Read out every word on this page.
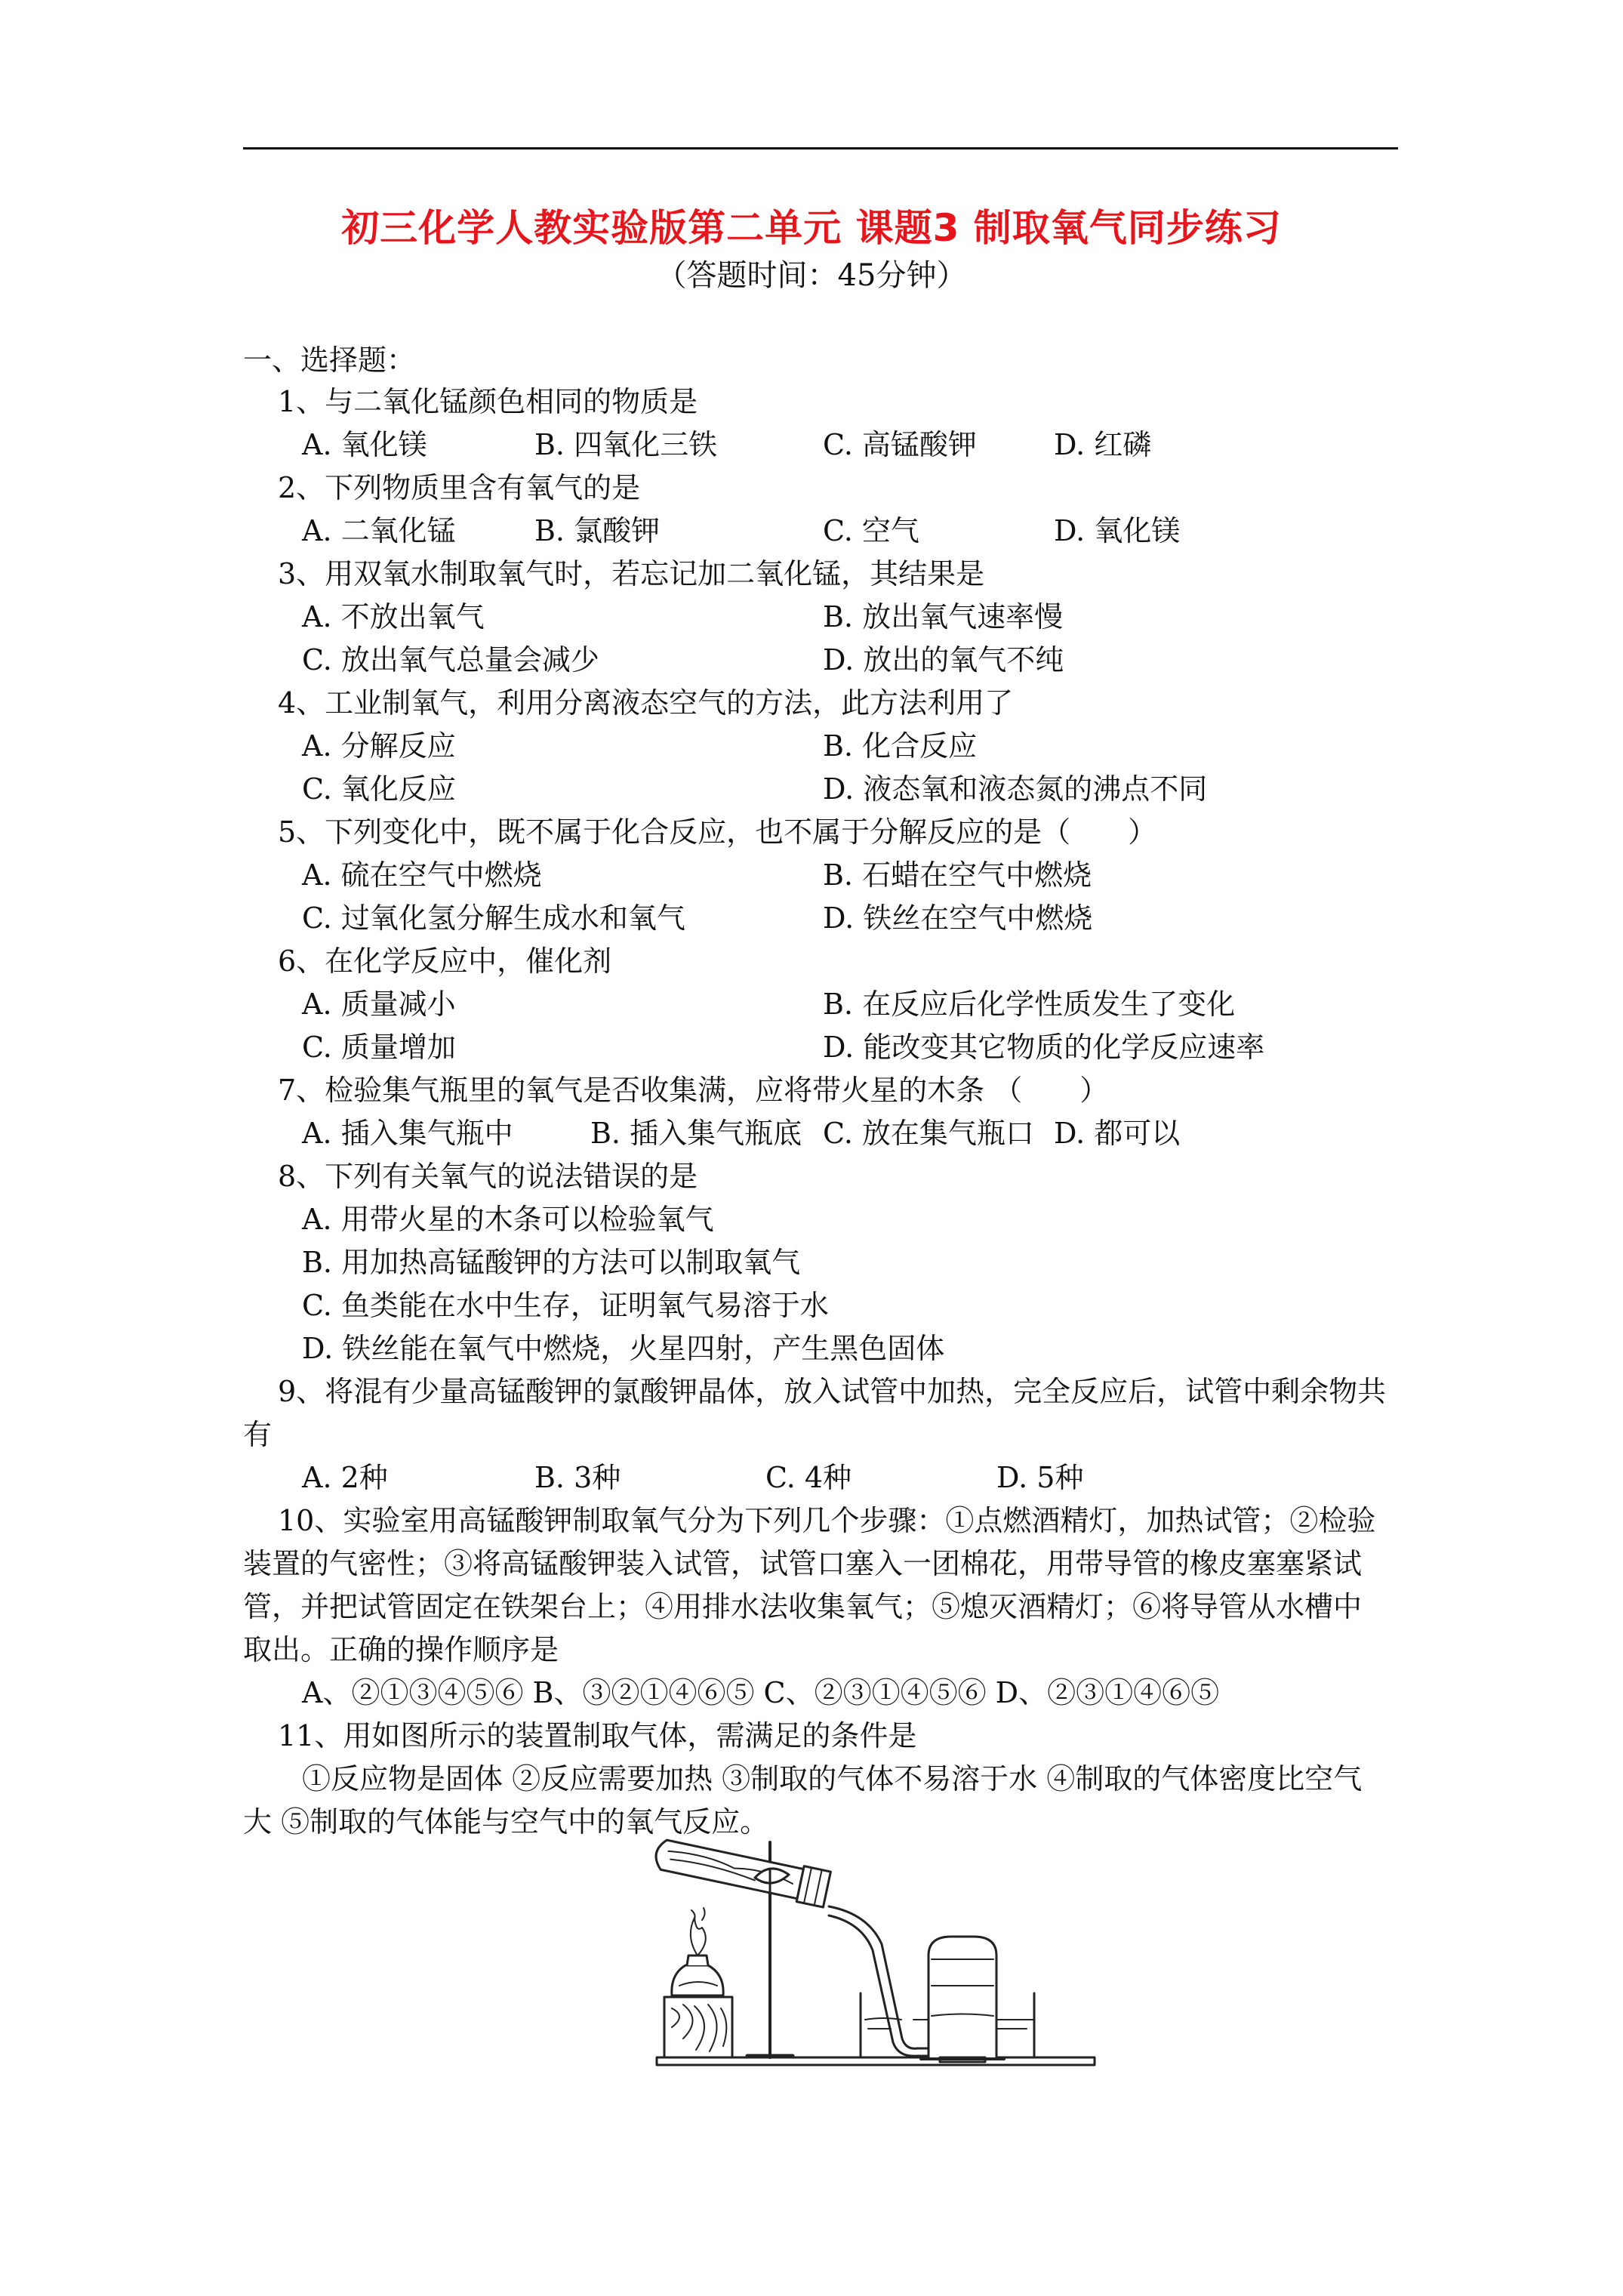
初三化学人教实验版第二单元 课题3 制取氧气同步练习
（答题时间：45分钟）
一、选择题：
1、与二氧化锰颜色相同的物质是
A. 氧化镁	B. 四氧化三铁	C. 高锰酸钾	D. 红磷
2、下列物质里含有氧气的是
A. 二氧化锰	B. 氯酸钾	C. 空气	D. 氧化镁
3、用双氧水制取氧气时，若忘记加二氧化锰，其结果是
A. 不放出氧气	B. 放出氧气速率慢
C. 放出氧气总量会减少	D. 放出的氧气不纯
4、工业制氧气，利用分离液态空气的方法，此方法利用了
A. 分解反应	B. 化合反应
C. 氧化反应	D. 液态氧和液态氮的沸点不同
5、下列变化中，既不属于化合反应，也不属于分解反应的是（　　）
A. 硫在空气中燃烧	B. 石蜡在空气中燃烧
C. 过氧化氢分解生成水和氧气	D. 铁丝在空气中燃烧
6、在化学反应中，催化剂
A. 质量减小	B. 在反应后化学性质发生了变化
C. 质量增加	D. 能改变其它物质的化学反应速率
7、检验集气瓶里的氧气是否收集满，应将带火星的木条 （　　）
A. 插入集气瓶中	B. 插入集气瓶底 C. 放在集气瓶口 D. 都可以
8、下列有关氧气的说法错误的是
A. 用带火星的木条可以检验氧气
B. 用加热高锰酸钾的方法可以制取氧气
C. 鱼类能在水中生存，证明氧气易溶于水
D. 铁丝能在氧气中燃烧，火星四射，产生黑色固体
9、将混有少量高锰酸钾的氯酸钾晶体，放入试管中加热，完全反应后，试管中剩余物共
有
A. 2种	B. 3种	C. 4种	D. 5种
10、实验室用高锰酸钾制取氧气分为下列几个步骤：①点燃酒精灯，加热试管；②检验
装置的气密性；③将高锰酸钾装入试管，试管口塞入一团棉花，用带导管的橡皮塞塞紧试
管，并把试管固定在铁架台上；④用排水法收集氧气；⑤熄灭酒精灯；⑥将导管从水槽中
取出。正确的操作顺序是
A、②①③④⑤⑥ B、③②①④⑥⑤ C、②③①④⑤⑥ D、②③①④⑥⑤
11、用如图所示的装置制取气体，需满足的条件是
①反应物是固体 ②反应需要加热 ③制取的气体不易溶于水 ④制取的气体密度比空气
大 ⑤制取的气体能与空气中的氧气反应。
